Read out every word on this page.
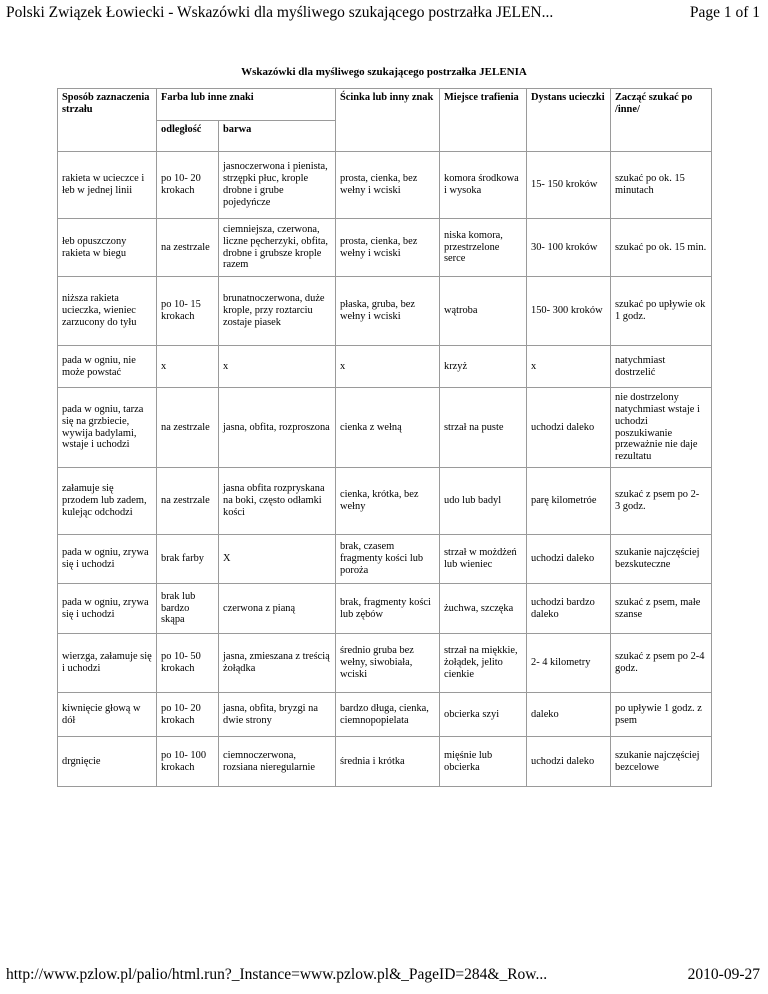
Polski Związek Łowiecki - Wskazówki dla myśliwego szukającego postrzałka JELEN...	Page 1 of 1
Wskazówki dla myśliwego szukającego postrzałka JELENIA
Sposób zaznaczenia strzału	Farba lub inne znaki		Ścinka lub inny znak	Miejsce trafienia	Dystans ucieczki	Zacząć szukać po /inne/
	odległość	barwa				
rakieta w ucieczce i łeb w jednej linii	po 10- 20 krokach	jasnoczerwona i pienista, strzępki płuc, krople drobne i grube pojedyńcze	prosta, cienka, bez wełny i wciski	komora środkowa i wysoka	15- 150 kroków	szukać po ok. 15 minutach
łeb opuszczony rakieta w biegu	na zestrzale	ciemniejsza, czerwona, liczne pęcherzyki, obfita, drobne i grubsze krople razem	prosta, cienka, bez wełny i wciski	niska komora, przestrzelone serce	30- 100 kroków	szukać po ok. 15 min.
niższa rakieta ucieczka, wieniec zarzucony do tyłu	po 10- 15 krokach	brunatnoczerwona, duże krople, przy roztarciu zostaje piasek	płaska, gruba, bez wełny i wciski	wątroba	150- 300 kroków	szukać po upływie ok 1 godz.
pada w ogniu, nie może powstać	x	x	x	krzyż	x	natychmiast dostrzelić
pada w ogniu, tarza się na grzbiecie, wywija badylami, wstaje i uchodzi	na zestrzale	jasna, obfita, rozproszona	cienka z wełną	strzał na puste	uchodzi daleko	nie dostrzelony natychmiast wstaje i uchodzi poszukiwanie przeważnie nie daje rezultatu
załamuje się przodem lub zadem, kulejąc odchodzi	na zestrzale	jasna obfita rozpryskana na boki, często odłamki kości	cienka, krótka, bez wełny	udo lub badyl	parę kilometróe	szukać z psem po 2- 3 godz.
pada w ogniu, zrywa się i uchodzi	brak farby	X	brak, czasem fragmenty kości lub poroża	strzał w możdżeń lub wieniec	uchodzi daleko	szukanie najczęściej bezskuteczne
pada w ogniu, zrywa się i uchodzi	brak lub bardzo skąpa	czerwona z pianą	brak, fragmenty kości lub zębów	żuchwa, szczęka	uchodzi bardzo daleko	szukać z psem, małe szanse
wierzga, załamuje się i uchodzi	po 10- 50 krokach	jasna, zmieszana z treścią żołądka	średnio gruba bez wełny, siwobiała, wciski	strzał na miękkie, żołądek, jelito cienkie	2- 4 kilometry	szukać z psem po 2-4 godz.
kiwnięcie głową w dół	po 10- 20 krokach	jasna, obfita, bryzgi na dwie strony	bardzo długa, cienka, ciemnopopielata	obcierka szyi	daleko	po upływie 1 godz. z psem
drgnięcie	po 10- 100 krokach	ciemnoczerwona, rozsiana nieregularnie	średnia i krótka	mięśnie lub obcierka	uchodzi daleko	szukanie najczęściej bezcelowe
http://www.pzlow.pl/palio/html.run?_Instance=www.pzlow.pl&_PageID=284&_Row...	2010-09-27
